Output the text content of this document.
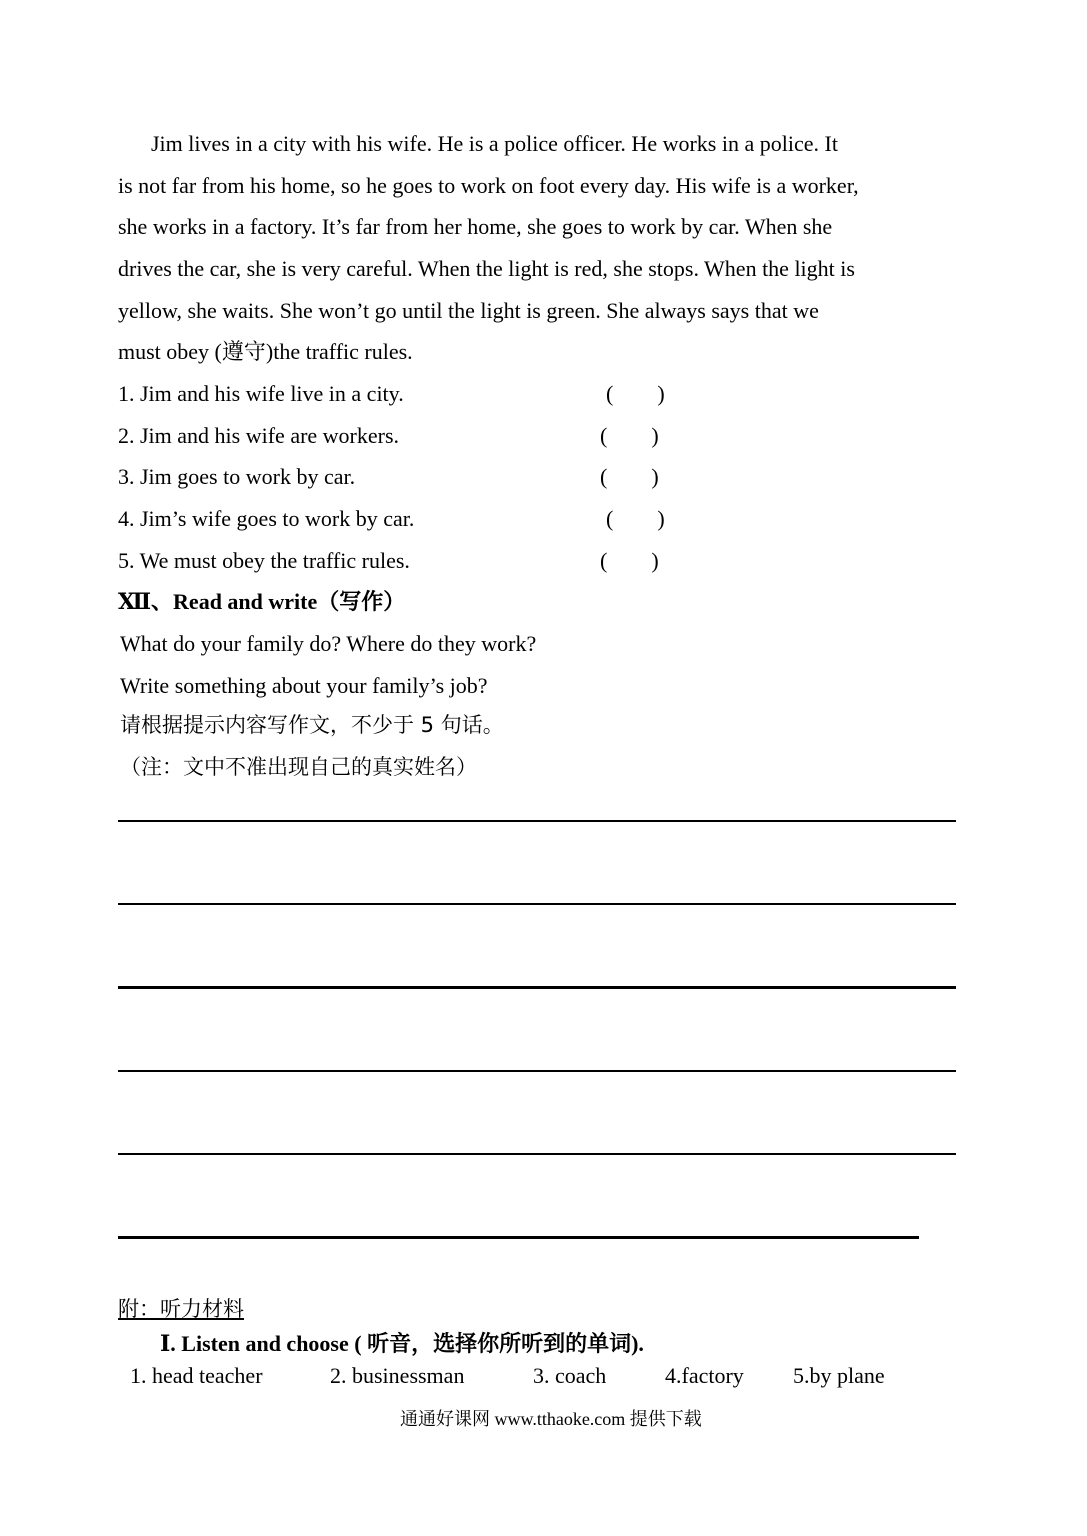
  Jim lives in a city with his wife. He is a police officer. He works in a police. It
is not far from his home, so he goes to work on foot every day. His wife is a worker,
she works in a factory. It’s far from her home, she goes to work by car. When she
drives the car, she is very careful. When the light is red, she stops. When the light is
yellow, she waits. She won’t go until the light is green. She always says that we
must obey (遵守)the traffic rules.
1. Jim and his wife live in a city.	(  )
2. Jim and his wife are workers.	(  )
3. Jim goes to work by car.	(  )
4. Jim’s wife goes to work by car.	(  )
5. We must obey the traffic rules.	(  )
Ⅻ、Read and write（写作）
What do your family do? Where do they work?
Write something about your family’s job?
请根据提示内容写作文，不少于 5 句话。
（注：文中不准出现自己的真实姓名）
附：听力材料
Ⅰ. Listen and choose ( 听音，选择你所听到的单词).
1. head teacher	2. businessman	3. coach	4.factory 5.by plane
通通好课网 www.tthaoke.com 提供下载
